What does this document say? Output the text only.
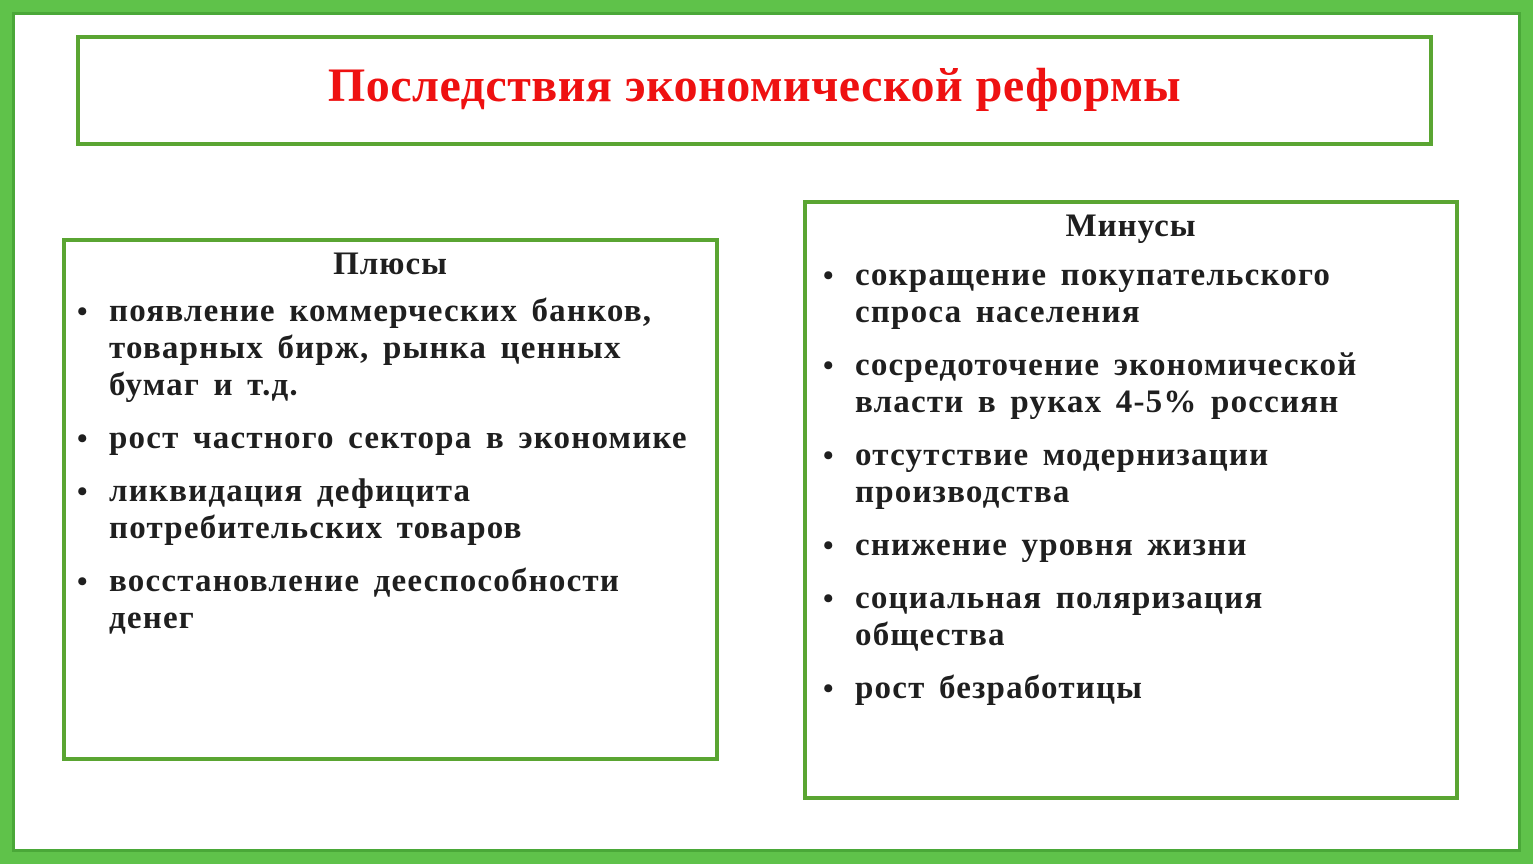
Последствия экономической реформы
Плюсы
• появление коммерческих банков, товарных бирж, рынка ценных бумаг и т.д.
• рост частного сектора в экономике
• ликвидация дефицита потребительских товаров
• восстановление дееспособности денег
Минусы
• сокращение покупательского спроса населения
• сосредоточение экономической власти в руках 4-5% россиян
• отсутствие модернизации производства
• снижение уровня жизни
• социальная поляризация общества
• рост безработицы
